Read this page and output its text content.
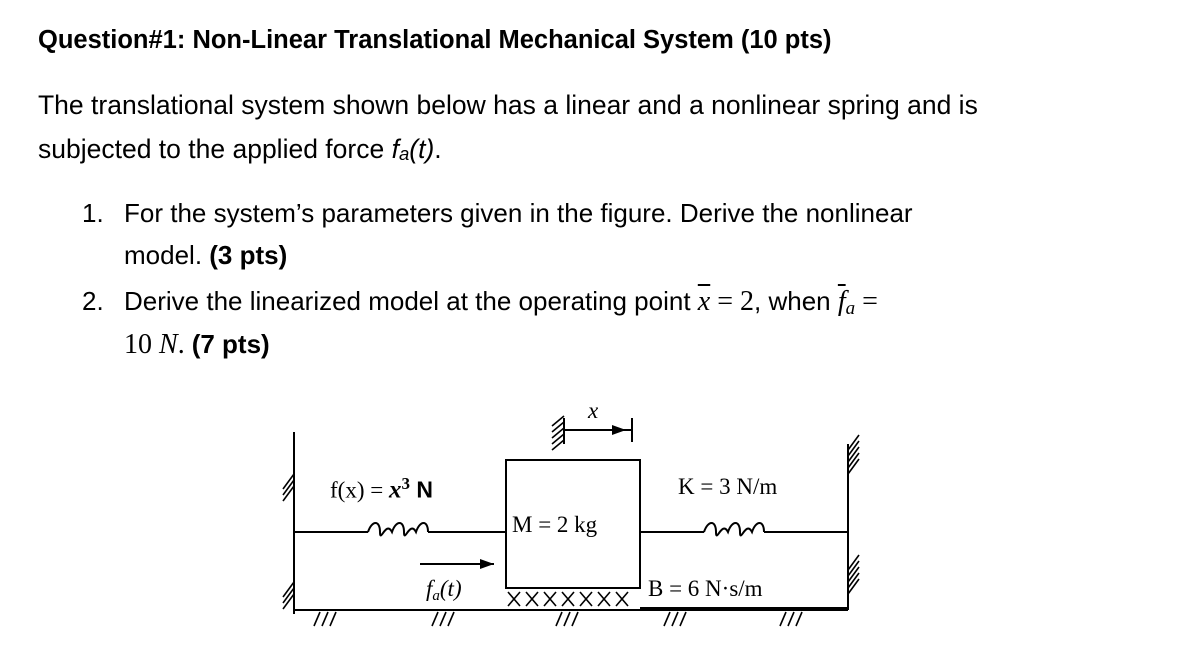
Question#1: Non-Linear Translational Mechanical System (10 pts)
The translational system shown below has a linear and a nonlinear spring and is
subjected to the applied force fa(t).
1. For the system’s parameters given in the figure. Derive the nonlinear
model. (3 pts)
2. Derive the linearized model at the operating point $\overline{x} = 2$, when $\overline{f}a$ =
10 N. (7 pts)
$f(x) = x^3$ N
M = 2 kg
K = 3 N/m
B = 6 N·s/m
fa(t)
x
